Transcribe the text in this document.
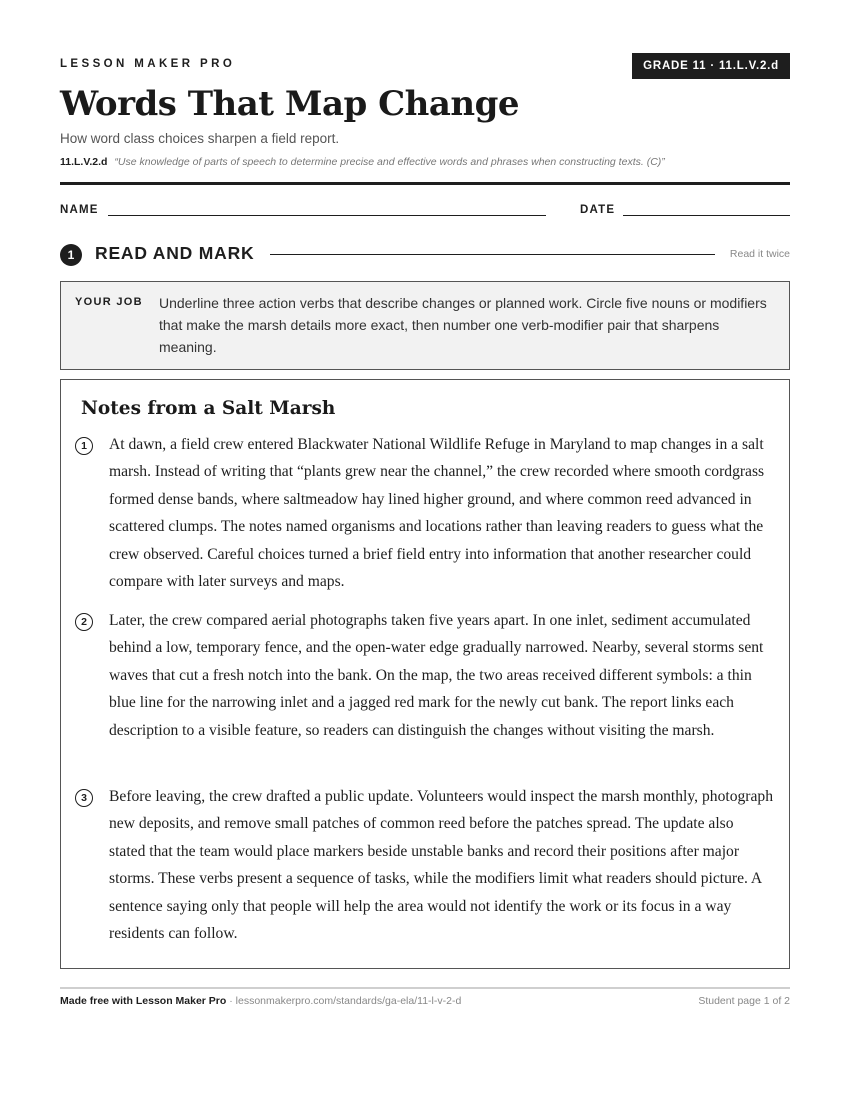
LESSON MAKER PRO	GRADE 11 · 11.L.V.2.d
Words That Map Change
How word class choices sharpen a field report.
11.L.V.2.d “Use knowledge of parts of speech to determine precise and effective words and phrases when constructing texts. (C)”
NAME	DATE
1	READ AND MARK	Read it twice
YOUR JOB Underline three action verbs that describe changes or planned work. Circle five nouns or modifiers that make the marsh details more exact, then number one verb-modifier pair that sharpens meaning.
Notes from a Salt Marsh
1	At dawn, a field crew entered Blackwater National Wildlife Refuge in Maryland to map changes in a salt marsh. Instead of writing that “plants grew near the channel,” the crew recorded where smooth cordgrass formed dense bands, where saltmeadow hay lined higher ground, and where common reed advanced in scattered clumps. The notes named organisms and locations rather than leaving readers to guess what the crew observed. Careful choices turned a brief field entry into information that another researcher could compare with later surveys and maps.

2	Later, the crew compared aerial photographs taken five years apart. In one inlet, sediment accumulated behind a low, temporary fence, and the open-water edge gradually narrowed. Nearby, several storms sent waves that cut a fresh notch into the bank. On the map, the two areas received different symbols: a thin blue line for the narrowing inlet and a jagged red mark for the newly cut bank. The report links each description to a visible feature, so readers can distinguish the changes without visiting the marsh.

3	Before leaving, the crew drafted a public update. Volunteers would inspect the marsh monthly, photograph new deposits, and remove small patches of common reed before the patches spread. The update also stated that the team would place markers beside unstable banks and record their positions after major storms. These verbs present a sequence of tasks, while the modifiers limit what readers should picture. A sentence saying only that people will help the area would not identify the work or its focus in a way residents can follow.

Made free with Lesson Maker Pro · lessonmakerpro.com/standards/ga-ela/11-l-v-2-d	Student page 1 of 2
